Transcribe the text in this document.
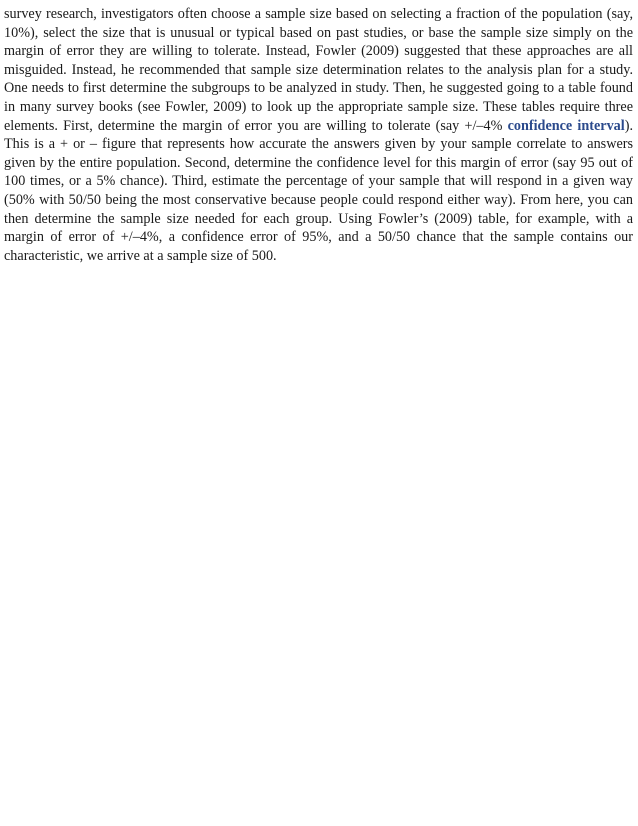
survey research, investigators often choose a sample size based on selecting a fraction of the population (say, 10%), select the size that is unusual or typical based on past studies, or base the sample size simply on the margin of error they are willing to tolerate. Instead, Fowler (2009) suggested that these approaches are all misguided. Instead, he recommended that sample size determination relates to the analysis plan for a study. One needs to first determine the subgroups to be analyzed in study. Then, he suggested going to a table found in many survey books (see Fowler, 2009) to look up the appropriate sample size. These tables require three elements. First, determine the margin of error you are willing to tolerate (say +/–4% confidence interval). This is a + or – figure that represents how accurate the answers given by your sample correlate to answers given by the entire population. Second, determine the confidence level for this margin of error (say 95 out of 100 times, or a 5% chance). Third, estimate the percentage of your sample that will respond in a given way (50% with 50/50 being the most conservative because people could respond either way). From here, you can then determine the sample size needed for each group. Using Fowler’s (2009) table, for example, with a margin of error of +/–4%, a confidence error of 95%, and a 50/50 chance that the sample contains our characteristic, we arrive at a sample size of 500.
